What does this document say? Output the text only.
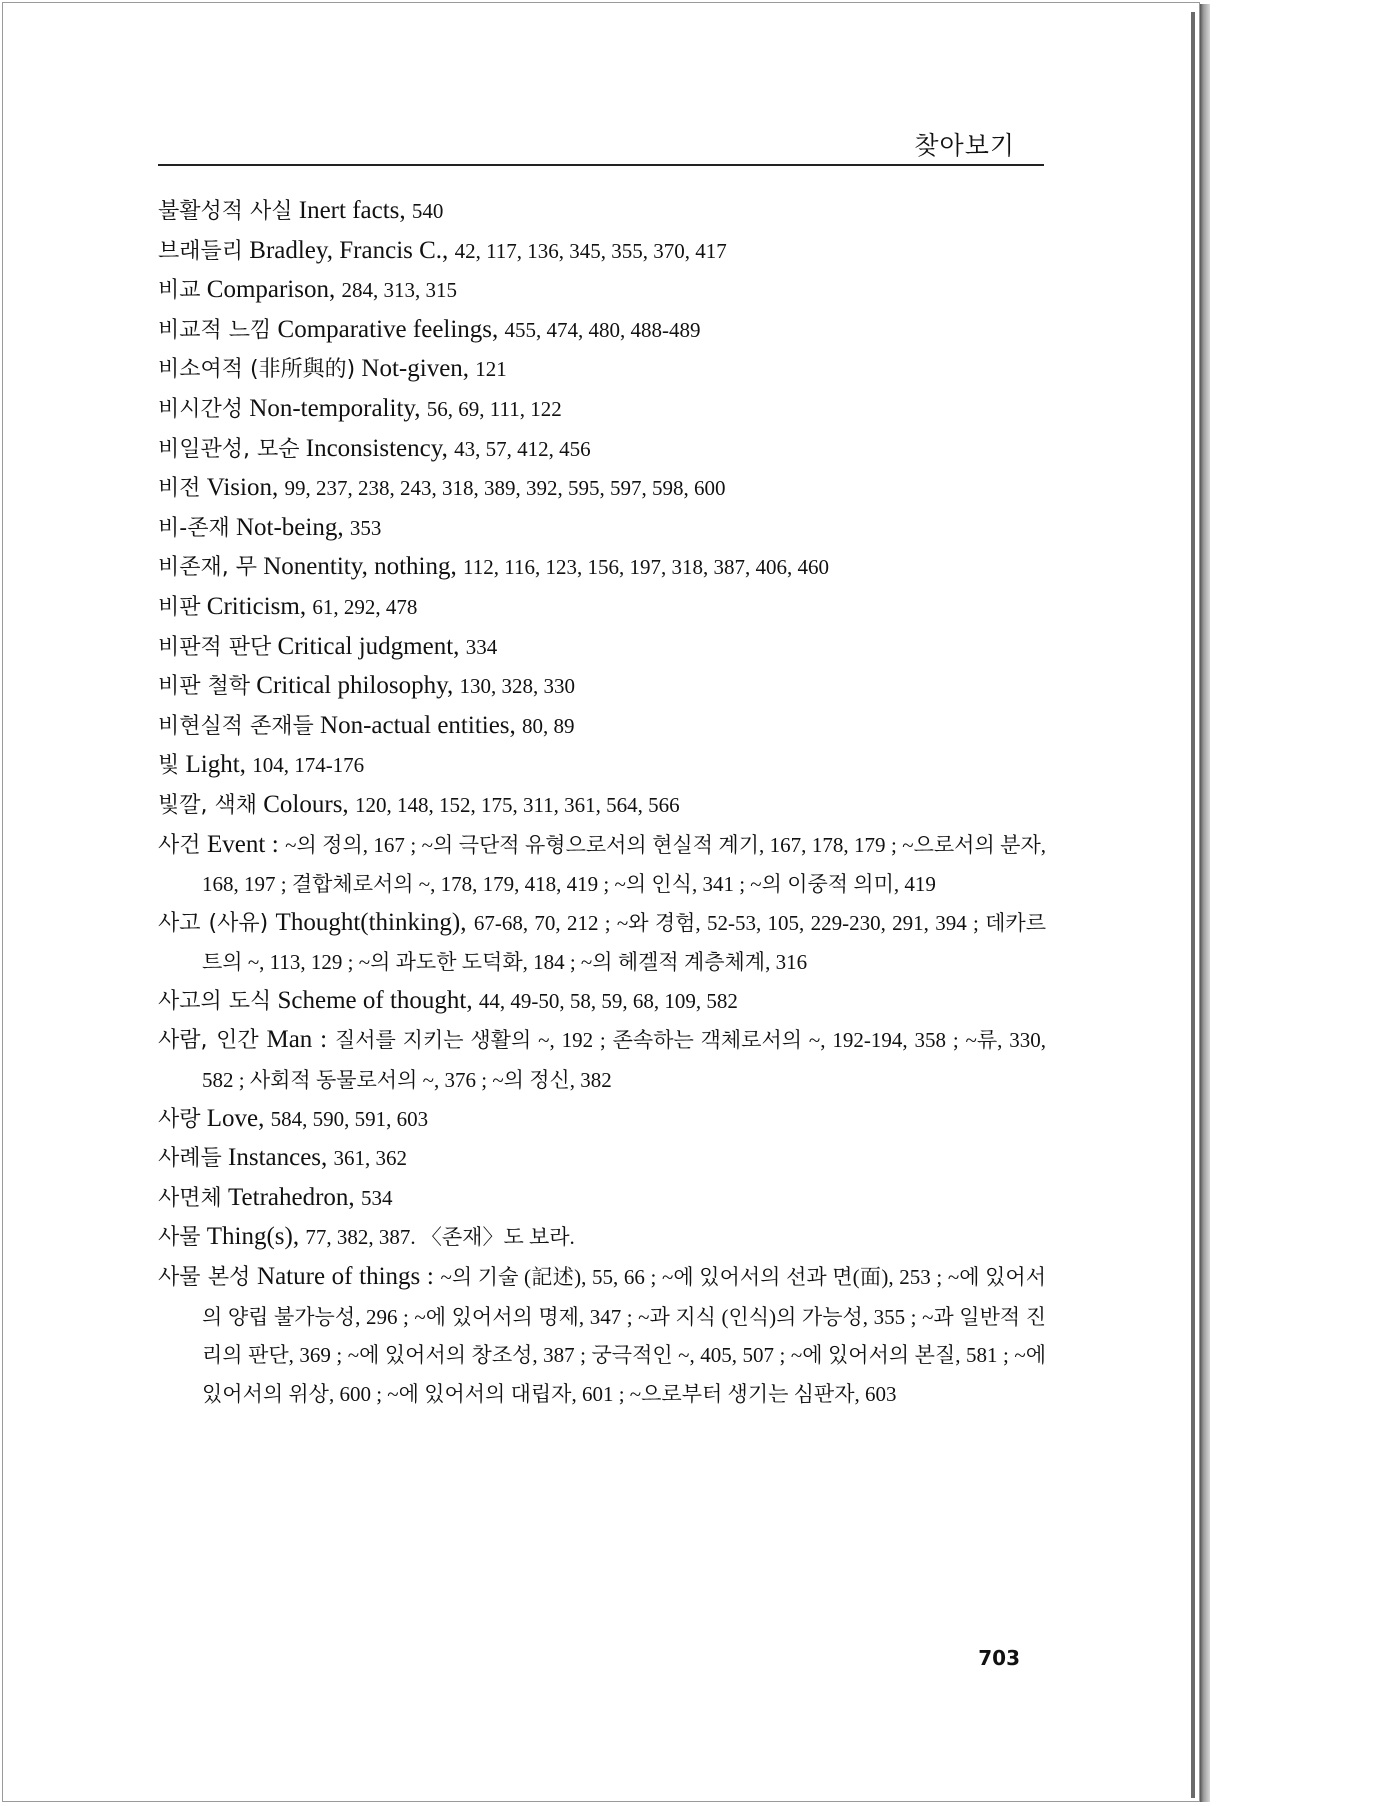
찾아보기
불활성적 사실 Inert facts, 540
브래들리 Bradley, Francis C., 42, 117, 136, 345, 355, 370, 417
비교 Comparison, 284, 313, 315
비교적 느낌 Comparative feelings, 455, 474, 480, 488-489
비소여적 (非所與的) Not-given, 121
비시간성 Non-temporality, 56, 69, 111, 122
비일관성, 모순 Inconsistency, 43, 57, 412, 456
비전 Vision, 99, 237, 238, 243, 318, 389, 392, 595, 597, 598, 600
비-존재 Not-being, 353
비존재, 무 Nonentity, nothing, 112, 116, 123, 156, 197, 318, 387, 406, 460
비판 Criticism, 61, 292, 478
비판적 판단 Critical judgment, 334
비판 철학 Critical philosophy, 130, 328, 330
비현실적 존재들 Non-actual entities, 80, 89
빛 Light, 104, 174-176
빛깔, 색채 Colours, 120, 148, 152, 175, 311, 361, 564, 566
사건 Event : ~의 정의, 167 ; ~의 극단적 유형으로서의 현실적 계기, 167, 178, 179 ; ~으로서의 분자, 168, 197 ; 결합체로서의 ~, 178, 179, 418, 419 ; ~의 인식, 341 ; ~의 이중적 의미, 419
사고 (사유) Thought(thinking), 67-68, 70, 212 ; ~와 경험, 52-53, 105, 229-230, 291, 394 ; 데카르트의 ~, 113, 129 ; ~의 과도한 도덕화, 184 ; ~의 헤겔적 계층체계, 316
사고의 도식 Scheme of thought, 44, 49-50, 58, 59, 68, 109, 582
사람, 인간 Man : 질서를 지키는 생활의 ~, 192 ; 존속하는 객체로서의 ~, 192-194, 358 ; ~류, 330, 582 ; 사회적 동물로서의 ~, 376 ; ~의 정신, 382
사랑 Love, 584, 590, 591, 603
사례들 Instances, 361, 362
사면체 Tetrahedron, 534
사물 Thing(s), 77, 382, 387. 〈존재〉도 보라.
사물 본성 Nature of things : ~의 기술 (記述), 55, 66 ; ~에 있어서의 선과 면(面), 253 ; ~에 있어서의 양립 불가능성, 296 ; ~에 있어서의 명제, 347 ; ~과 지식 (인식)의 가능성, 355 ; ~과 일반적 진리의 판단, 369 ; ~에 있어서의 창조성, 387 ; 궁극적인 ~, 405, 507 ; ~에 있어서의 본질, 581 ; ~에 있어서의 위상, 600 ; ~에 있어서의 대립자, 601 ; ~으로부터 생기는 심판자, 603
703
